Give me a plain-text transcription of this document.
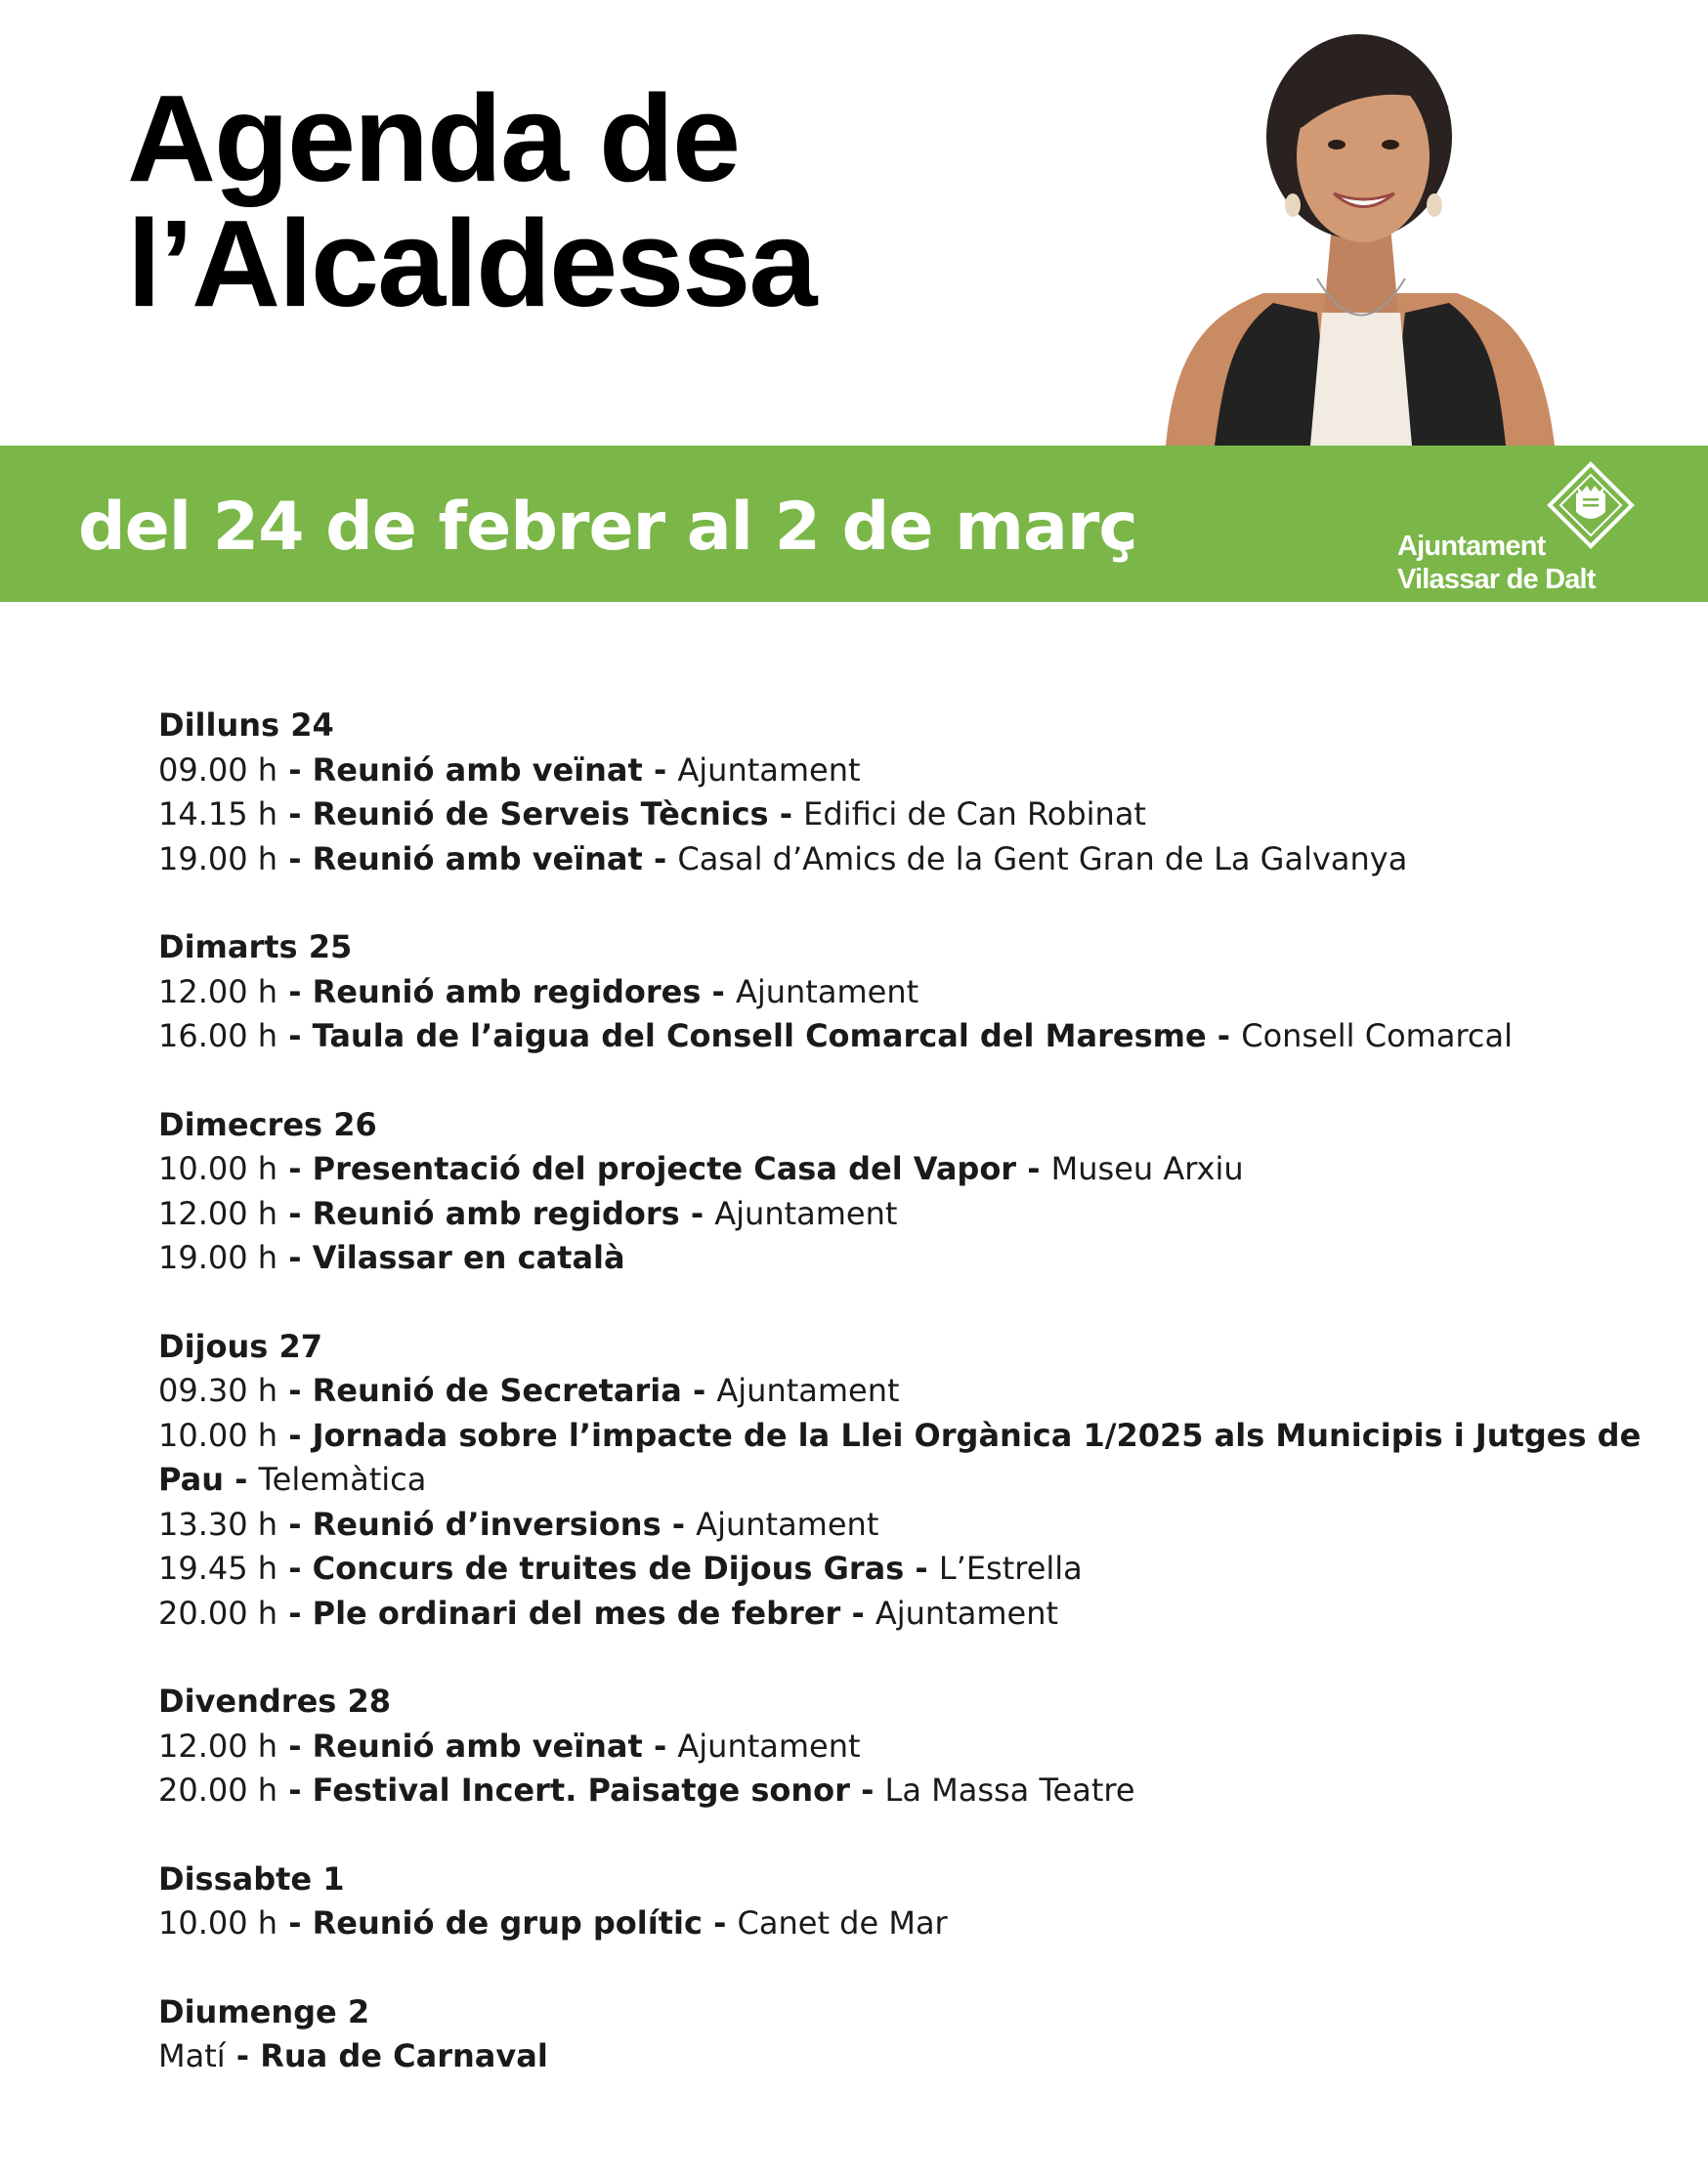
Agenda de
l’Alcaldessa
del 24 de febrer al 2 de març	Ajuntament
Vilassar de Dalt
Dilluns 24
09.00 h - Reunió amb veïnat - Ajuntament
14.15 h - Reunió de Serveis Tècnics - Edifici de Can Robinat
19.00 h - Reunió amb veïnat - Casal d’Amics de la Gent Gran de La Galvanya
Dimarts 25
12.00 h - Reunió amb regidores - Ajuntament
16.00 h - Taula de l’aigua del Consell Comarcal del Maresme - Consell Comarcal
Dimecres 26
10.00 h - Presentació del projecte Casa del Vapor - Museu Arxiu
12.00 h - Reunió amb regidors - Ajuntament
19.00 h - Vilassar en català
Dijous 27
09.30 h - Reunió de Secretaria - Ajuntament
10.00 h - Jornada sobre l’impacte de la Llei Orgànica 1/2025 als Municipis i Jutges de Pau - Telemàtica
13.30 h - Reunió d’inversions - Ajuntament
19.45 h - Concurs de truites de Dijous Gras - L’Estrella
20.00 h - Ple ordinari del mes de febrer - Ajuntament
Divendres 28
12.00 h - Reunió amb veïnat - Ajuntament
20.00 h - Festival Incert. Paisatge sonor - La Massa Teatre
Dissabte 1
10.00 h - Reunió de grup polític - Canet de Mar
Diumenge 2
Matí - Rua de Carnaval
